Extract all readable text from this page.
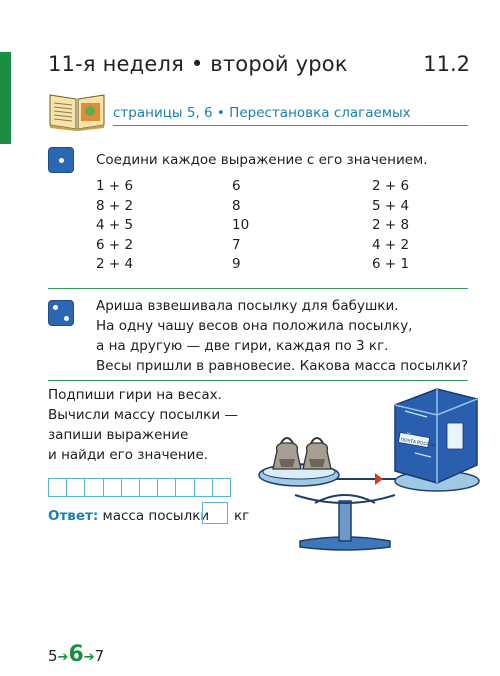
11-я неделя • второй урок	11.2
страницы 5, 6 • Перестановка слагаемых
Соедини каждое выражение с его значением.
1 + 6
8 + 2
4 + 5
6 + 2
2 + 4
6
8
10
7
9
2 + 6
5 + 4
2 + 8
4 + 2
6 + 1
Ариша взвешивала посылку для бабушки.
На одну чашу весов она положила посылку,
а на другую — две гири, каждая по 3 кг.
Весы пришли в равновесие. Какова масса посылки?
Подпиши гири на весах.
Вычисли массу посылки —
запиши выражение
и найди его значение.
Ответ: масса посылки кг
ПОЧТА РОССИИ
5➔6➔7
